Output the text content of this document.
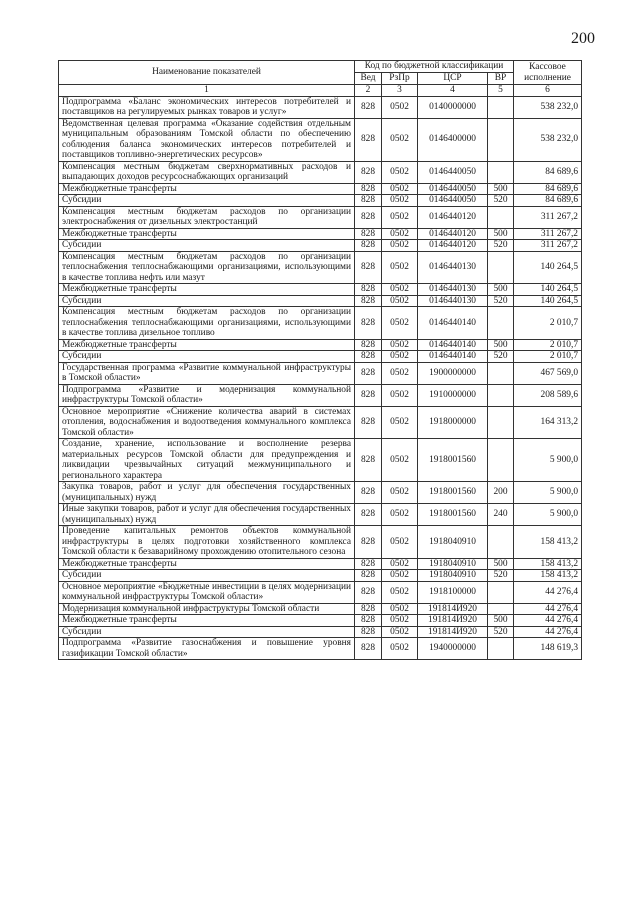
200
Наименование показателей	Код по бюджетной классификации				Кассовое исполнение
	Вед	РзПр	ЦСР	ВР	
1	2	3	4	5	6
Подпрограмма «Баланс экономических интересов потребителей и поставщиков на регулируемых рынках товаров и услуг»	828	0502	0140000000		538 232,0
Ведомственная целевая программа «Оказание содействия отдельным муниципальным образованиям Томской области по обеспечению соблюдения баланса экономических интересов потребителей и поставщиков топливно-энергетических ресурсов»	828	0502	0146400000		538 232,0
Компенсация местным бюджетам сверхнормативных расходов и выпадающих доходов ресурсоснабжающих организаций	828	0502	0146440050		84 689,6
Межбюджетные трансферты	828	0502	0146440050	500	84 689,6
Субсидии	828	0502	0146440050	520	84 689,6
Компенсация местным бюджетам расходов по организации электроснабжения от дизельных электростанций	828	0502	0146440120		311 267,2
Межбюджетные трансферты	828	0502	0146440120	500	311 267,2
Субсидии	828	0502	0146440120	520	311 267,2
Компенсация местным бюджетам расходов по организации теплоснабжения теплоснабжающими организациями, использующими в качестве топлива нефть или мазут	828	0502	0146440130		140 264,5
Межбюджетные трансферты	828	0502	0146440130	500	140 264,5
Субсидии	828	0502	0146440130	520	140 264,5
Компенсация местным бюджетам расходов по организации теплоснабжения теплоснабжающими организациями, использующими в качестве топлива дизельное топливо	828	0502	0146440140		2 010,7
Межбюджетные трансферты	828	0502	0146440140	500	2 010,7
Субсидии	828	0502	0146440140	520	2 010,7
Государственная программа «Развитие коммунальной инфраструктуры в Томской области»	828	0502	1900000000		467 569,0
Подпрограмма «Развитие и модернизация коммунальной инфраструктуры Томской области»	828	0502	1910000000		208 589,6
Основное мероприятие «Снижение количества аварий в системах отопления, водоснабжения и водоотведения коммунального комплекса Томской области»	828	0502	1918000000		164 313,2
Создание, хранение, использование и восполнение резерва материальных ресурсов Томской области для предупреждения и ликвидации чрезвычайных ситуаций межмуниципального и регионального характера	828	0502	1918001560		5 900,0
Закупка товаров, работ и услуг для обеспечения государственных (муниципальных) нужд	828	0502	1918001560	200	5 900,0
Иные закупки товаров, работ и услуг для обеспечения государственных (муниципальных) нужд	828	0502	1918001560	240	5 900,0
Проведение капитальных ремонтов объектов коммунальной инфраструктуры в целях подготовки хозяйственного комплекса Томской области к безаварийному прохождению отопительного сезона	828	0502	1918040910		158 413,2
Межбюджетные трансферты	828	0502	1918040910	500	158 413,2
Субсидии	828	0502	1918040910	520	158 413,2
Основное мероприятие «Бюджетные инвестиции в целях модернизации коммунальной инфраструктуры Томской области»	828	0502	1918100000		44 276,4
Модернизация коммунальной инфраструктуры Томской области	828	0502	191814И920		44 276,4
Межбюджетные трансферты	828	0502	191814И920	500	44 276,4
Субсидии	828	0502	191814И920	520	44 276,4
Подпрограмма «Развитие газоснабжения и повышение уровня газификации Томской области»	828	0502	1940000000		148 619,3
